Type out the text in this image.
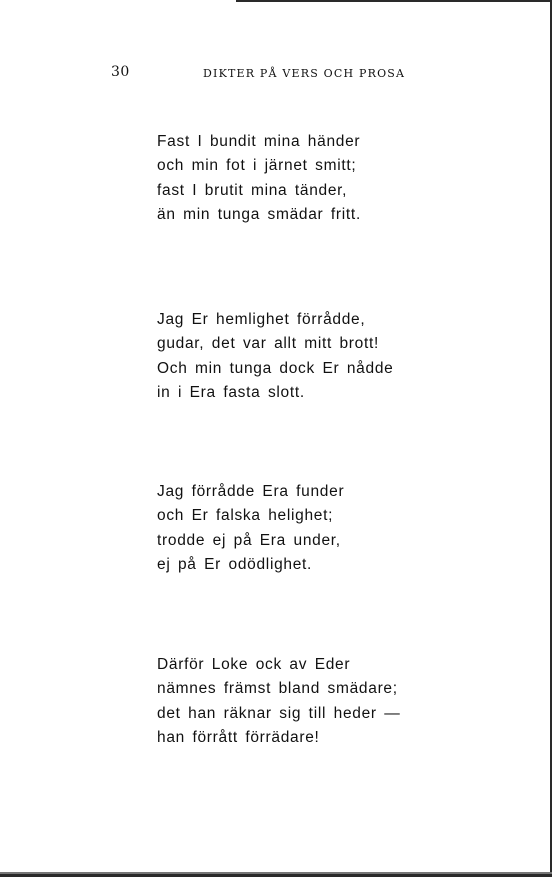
30	DIKTER PÅ VERS OCH PROSA
Fast I bundit mina händer
och min fot i järnet smitt;
fast I brutit mina tänder,
än min tunga smädar fritt.
Jag Er hemlighet förrådde,
gudar, det var allt mitt brott!
Och min tunga dock Er nådde
in i Era fasta slott.
Jag förrådde Era funder
och Er falska helighet;
trodde ej på Era under,
ej på Er odödlighet.
Därför Loke ock av Eder
nämnes främst bland smädare;
det han räknar sig till heder —
han förrått förrädare!
